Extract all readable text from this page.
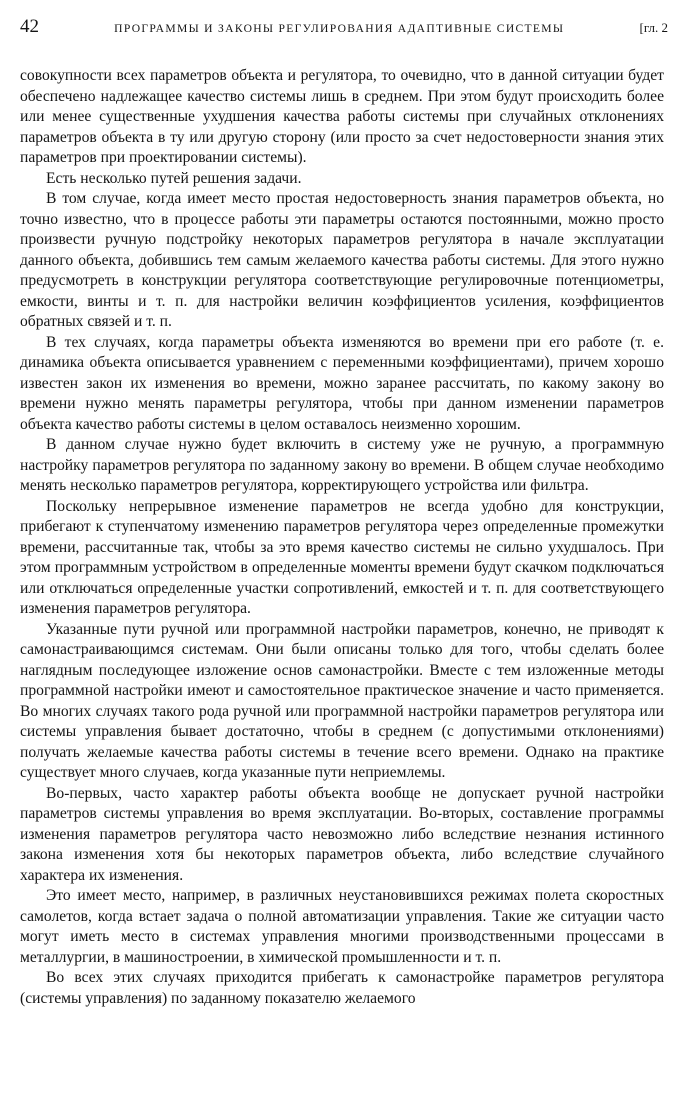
42	ПРОГРАММЫ И ЗАКОНЫ РЕГУЛИРОВАНИЯ АДАПТИВНЫЕ СИСТЕМЫ	[гл. 2

совокупности всех параметров объекта и регулятора, то очевидно, что в данной ситуации будет обеспечено надлежащее качество системы лишь в среднем. При этом будут происходить более или менее существенные ухудшения качества работы системы при случайных отклонениях параметров объекта в ту или другую сторону (или просто за счет недостоверности знания этих параметров при проектировании системы).

Есть несколько путей решения задачи.

В том случае, когда имеет место простая недостоверность знания параметров объекта, но точно известно, что в процессе работы эти параметры остаются постоянными, можно просто произвести ручную подстройку некоторых параметров регулятора в начале эксплуатации данного объекта, добившись тем самым желаемого качества работы системы. Для этого нужно предусмотреть в конструкции регулятора соответствующие регулировочные потенциометры, емкости, винты и т. п. для настройки величин коэффициентов усиления, коэффициентов обратных связей и т. п.

В тех случаях, когда параметры объекта изменяются во времени при его работе (т. е. динамика объекта описывается уравнением с переменными коэффициентами), причем хорошо известен закон их изменения во времени, можно заранее рассчитать, по какому закону во времени нужно менять параметры регулятора, чтобы при данном изменении параметров объекта качество работы системы в целом оставалось неизменно хорошим.

В данном случае нужно будет включить в систему уже не ручную, а программную настройку параметров регулятора по заданному закону во времени. В общем случае необходимо менять несколько параметров регулятора, корректирующего устройства или фильтра.

Поскольку непрерывное изменение параметров не всегда удобно для конструкции, прибегают к ступенчатому изменению параметров регулятора через определенные промежутки времени, рассчитанные так, чтобы за это время качество системы не сильно ухудшалось. При этом программным устройством в определенные моменты времени будут скачком подключаться или отключаться определенные участки сопротивлений, емкостей и т. п. для соответствующего изменения параметров регулятора.

Указанные пути ручной или программной настройки параметров, конечно, не приводят к самонастраивающимся системам. Они были описаны только для того, чтобы сделать более наглядным последующее изложение основ самонастройки. Вместе с тем изложенные методы программной настройки имеют и самостоятельное практическое значение и часто применяется. Во многих случаях такого рода ручной или программной настройки параметров регулятора или системы управления бывает достаточно, чтобы в среднем (с допустимыми отклонениями) получать желаемые качества работы системы в течение всего времени. Однако на практике существует много случаев, когда указанные пути неприемлемы.

Во-первых, часто характер работы объекта вообще не допускает ручной настройки параметров системы управления во время эксплуатации. Во-вторых, составление программы изменения параметров регулятора часто невозможно либо вследствие незнания истинного закона изменения хотя бы некоторых параметров объекта, либо вследствие случайного характера их изменения.

Это имеет место, например, в различных неустановившихся режимах полета скоростных самолетов, когда встает задача о полной автоматизации управления. Такие же ситуации часто могут иметь место в системах управления многими производственными процессами в металлургии, в машиностроении, в химической промышленности и т. п.

Во всех этих случаях приходится прибегать к самонастройке параметров регулятора (системы управления) по заданному показателю желаемого
